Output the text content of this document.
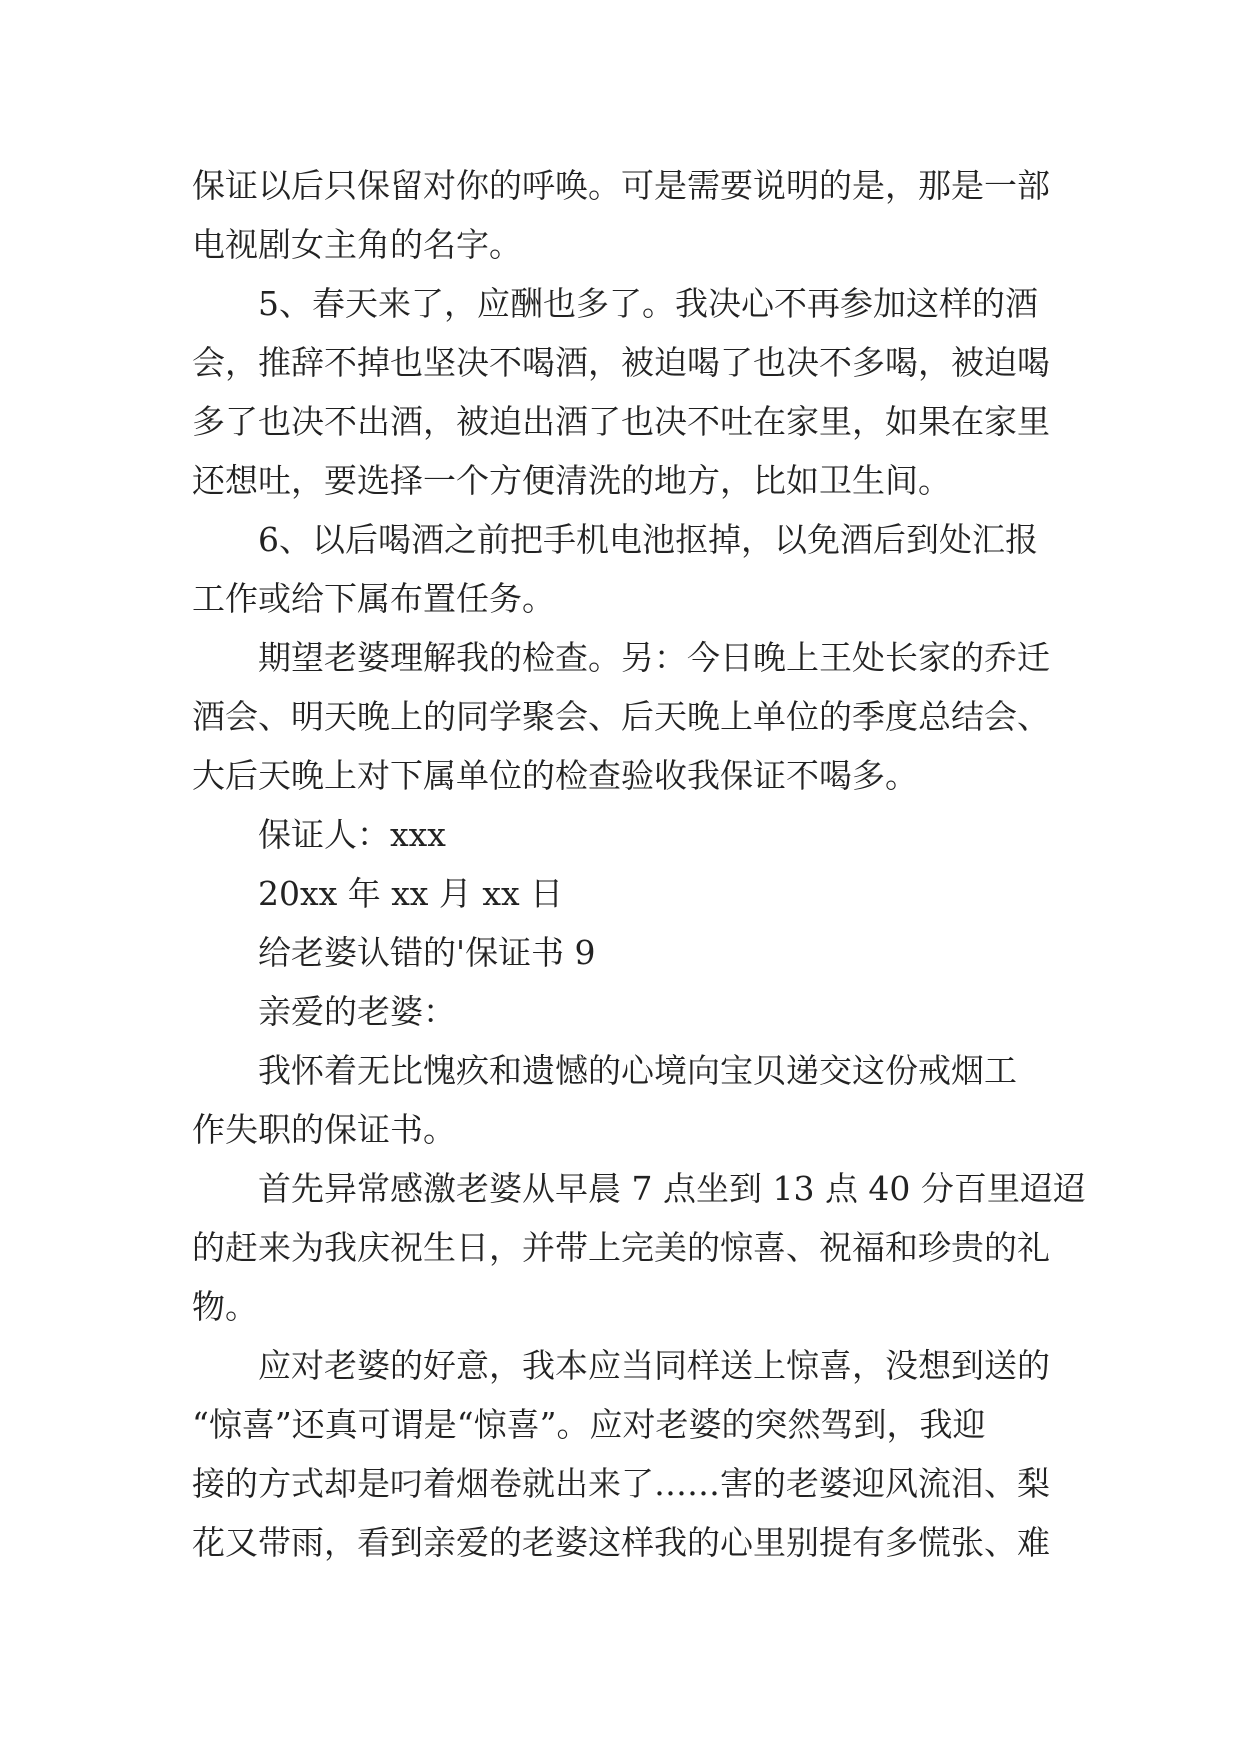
保证以后只保留对你的呼唤。可是需要说明的是，那是一部
电视剧女主角的名字。
5、春天来了，应酬也多了。我决心不再参加这样的酒
会，推辞不掉也坚决不喝酒，被迫喝了也决不多喝，被迫喝
多了也决不出酒，被迫出酒了也决不吐在家里，如果在家里
还想吐，要选择一个方便清洗的地方，比如卫生间。
6、以后喝酒之前把手机电池抠掉，以免酒后到处汇报
工作或给下属布置任务。
期望老婆理解我的检查。另：今日晚上王处长家的乔迁
酒会、明天晚上的同学聚会、后天晚上单位的季度总结会、
大后天晚上对下属单位的检查验收我保证不喝多。
保证人：xxx
20xx 年 xx 月 xx 日
给老婆认错的'保证书 9
亲爱的老婆：
我怀着无比愧疚和遗憾的心境向宝贝递交这份戒烟工
作失职的保证书。
首先异常感激老婆从早晨 7 点坐到 13 点 40 分百里迢迢
的赶来为我庆祝生日，并带上完美的惊喜、祝福和珍贵的礼
物。
应对老婆的好意，我本应当同样送上惊喜，没想到送的
“惊喜”还真可谓是“惊喜”。应对老婆的突然驾到，我迎
接的方式却是叼着烟卷就出来了……害的老婆迎风流泪、梨
花又带雨，看到亲爱的老婆这样我的心里别提有多慌张、难
